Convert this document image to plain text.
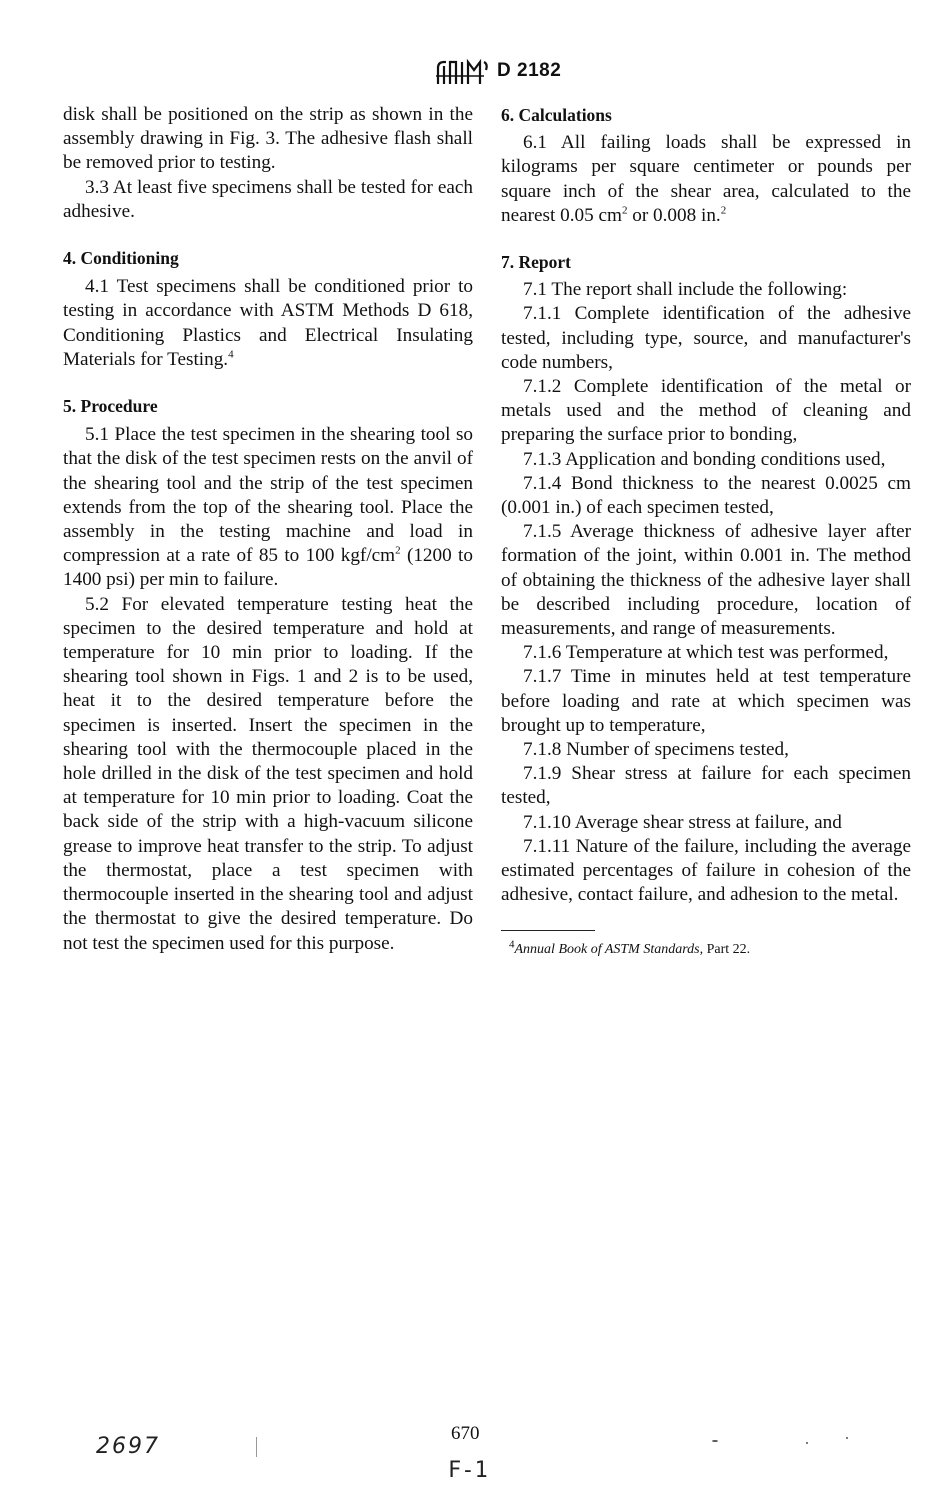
D 2182

disk shall be positioned on the strip as shown in the assembly drawing in Fig. 3. The adhesive flash shall be removed prior to testing.

3.3 At least five specimens shall be tested for each adhesive.

4. Conditioning

4.1 Test specimens shall be conditioned prior to testing in accordance with ASTM Methods D 618, Conditioning Plastics and Electrical Insulating Materials for Testing.$^4$

5. Procedure

5.1 Place the test specimen in the shearing tool so that the disk of the test specimen rests on the anvil of the shearing tool and the strip of the test specimen extends from the top of the shearing tool. Place the assembly in the testing machine and load in compression at a rate of 85 to 100 kgf/$cm^2$ (1200 to 1400 psi) per min to failure.

5.2 For elevated temperature testing heat the specimen to the desired temperature and hold at temperature for 10 min prior to loading. If the shearing tool shown in Figs. 1 and 2 is to be used, heat it to the desired temperature before the specimen is inserted. Insert the specimen in the shearing tool with the thermocouple placed in the hole drilled in the disk of the test specimen and hold at temperature for 10 min prior to loading. Coat the back side of the strip with a high-vacuum silicone grease to improve heat transfer to the strip. To adjust the thermostat, place a test specimen with thermocouple inserted in the shearing tool and adjust the thermostat to give the desired temperature. Do not test the specimen used for this purpose.

6. Calculations

6.1 All failing loads shall be expressed in kilograms per square centimeter or pounds per square inch of the shear area, calculated to the nearest 0.05 $cm^2$ or 0.008 in.$^2$

7. Report

7.1 The report shall include the following:

7.1.1 Complete identification of the adhesive tested, including type, source, and manufacturer's code numbers,

7.1.2 Complete identification of the metal or metals used and the method of cleaning and preparing the surface prior to bonding,

7.1.3 Application and bonding conditions used,

7.1.4 Bond thickness to the nearest 0.0025 cm (0.001 in.) of each specimen tested,

7.1.5 Average thickness of adhesive layer after formation of the joint, within 0.001 in. The method of obtaining the thickness of the adhesive layer shall be described including procedure, location of measurements, and range of measurements.

7.1.6 Temperature at which test was performed,

7.1.7 Time in minutes held at test temperature before loading and rate at which specimen was brought up to temperature,

7.1.8 Number of specimens tested,

7.1.9 Shear stress at failure for each specimen tested,

7.1.10 Average shear stress at failure, and

7.1.11 Nature of the failure, including the average estimated percentages of failure in cohesion of the adhesive, contact failure, and adhesion to the metal.

$^4$Annual Book of ASTM Standards, Part 22.

2697
670
F-1
